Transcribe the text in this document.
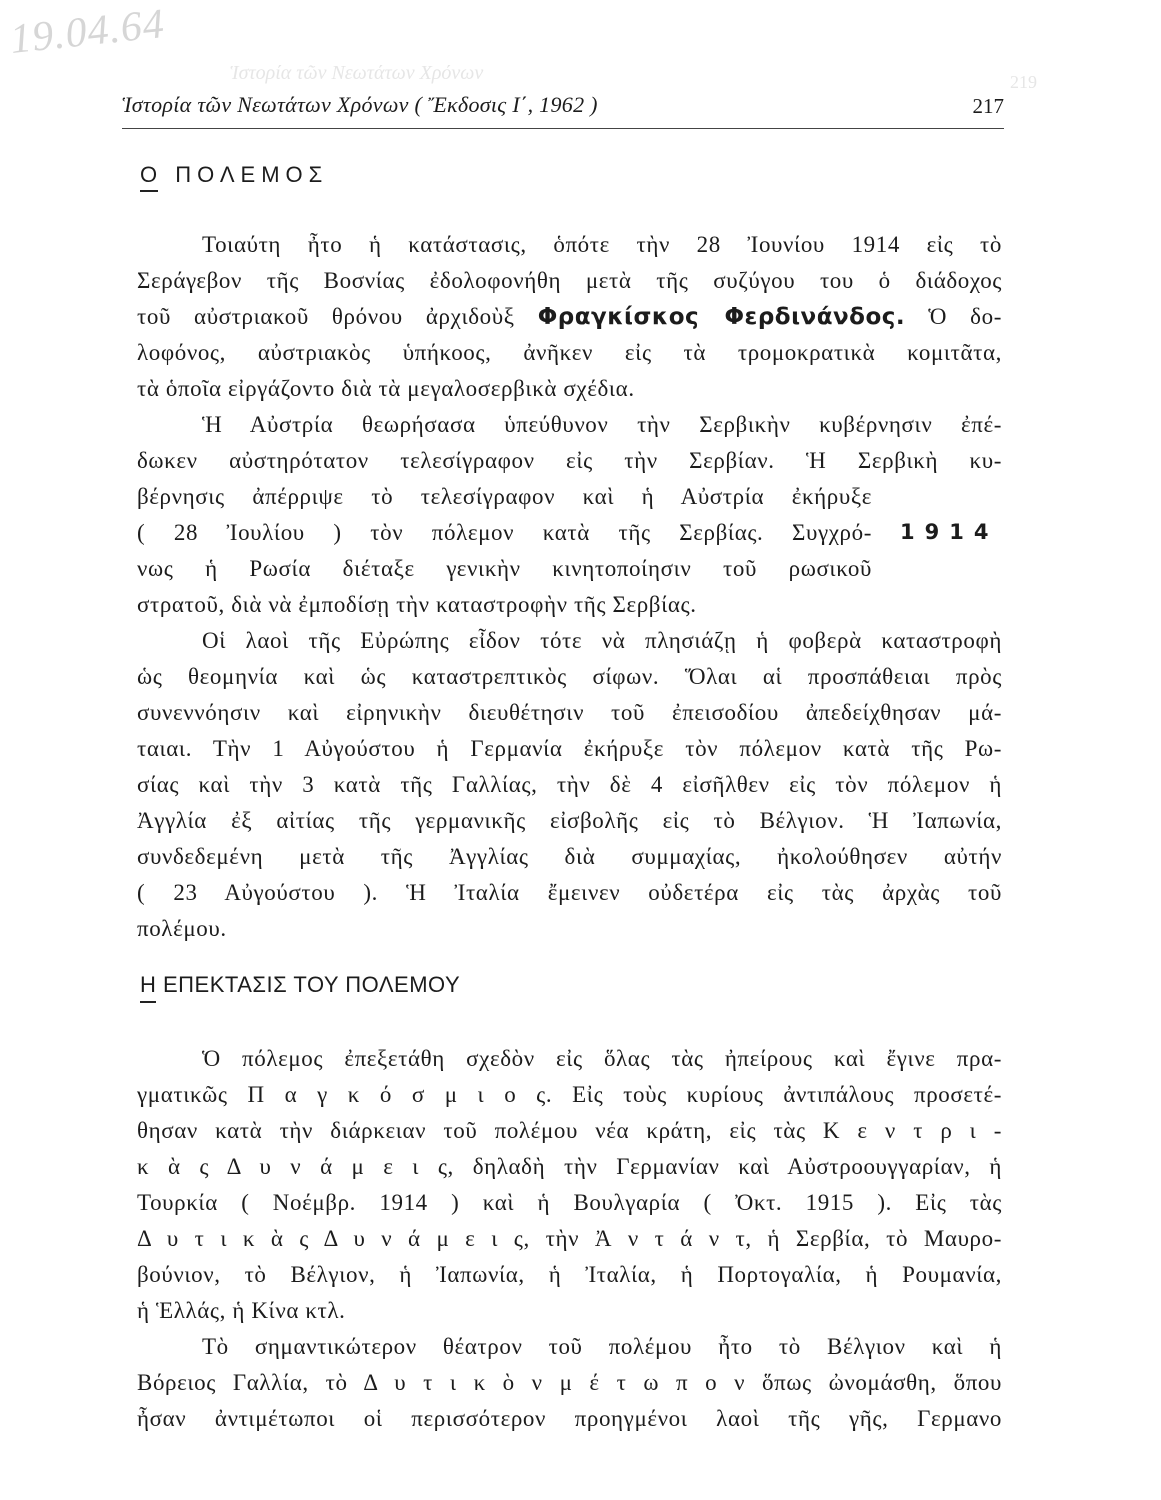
19.04.64
Ἱστορία τῶν Νεωτάτων Χρόνων	219
Ἱστορία τῶν Νεωτάτων Χρόνων ( Ἔκδοσις Ι΄, 1962 )	217
Ο ΠΟΛΕΜΟΣ
Τοιαύτη ἦτο ἡ κατάστασις, ὁπότε τὴν 28 Ἰουνίου 1914 εἰς τὸ
Σεράγεβον τῆς Βοσνίας ἐδολοφονήθη μετὰ τῆς συζύγου του ὁ διάδοχος
τοῦ αὐστριακοῦ θρόνου ἀρχιδοὺξ Φραγκίσκος Φερδινάνδος. Ὁ δο-
λοφόνος, αὐστριακὸς ὑπήκοος, ἀνῆκεν εἰς τὰ τρομοκρατικὰ κομιτᾶτα,
τὰ ὁποῖα εἰργάζοντο διὰ τὰ μεγαλοσερβικὰ σχέδια.
Ἡ Αὐστρία θεωρήσασα ὑπεύθυνον τὴν Σερβικὴν κυβέρνησιν ἐπέ-
δωκεν αὐστηρότατον τελεσίγραφον εἰς τὴν Σερβίαν. Ἡ Σερβικὴ κυ-
βέρνησις ἀπέρριψε τὸ τελεσίγραφον καὶ ἡ Αὐστρία ἐκήρυξε
( 28 Ἰουλίου ) τὸν πόλεμον κατὰ τῆς Σερβίας. Συγχρό-
νως ἡ Ρωσία διέταξε γενικὴν κινητοποίησιν τοῦ ρωσικοῦ
στρατοῦ, διὰ νὰ ἐμποδίσῃ τὴν καταστροφὴν τῆς Σερβίας.
1914
Οἱ λαοὶ τῆς Εὐρώπης εἶδον τότε νὰ πλησιάζῃ ἡ φοβερὰ καταστροφὴ
ὡς θεομηνία καὶ ὡς καταστρεπτικὸς σίφων. Ὅλαι αἱ προσπάθειαι πρὸς
συνεννόησιν καὶ εἰρηνικὴν διευθέτησιν τοῦ ἐπεισοδίου ἀπεδείχθησαν μά-
ταιαι. Τὴν 1 Αὐγούστου ἡ Γερμανία ἐκήρυξε τὸν πόλεμον κατὰ τῆς Ρω-
σίας καὶ τὴν 3 κατὰ τῆς Γαλλίας, τὴν δὲ 4 εἰσῆλθεν εἰς τὸν πόλεμον ἡ
Ἀγγλία ἐξ αἰτίας τῆς γερμανικῆς εἰσβολῆς εἰς τὸ Βέλγιον. Ἡ Ἰαπωνία,
συνδεδεμένη μετὰ τῆς Ἀγγλίας διὰ συμμαχίας, ἠκολούθησεν αὐτήν
( 23 Αὐγούστου ). Ἡ Ἰταλία ἔμεινεν οὐδετέρα εἰς τὰς ἀρχὰς τοῦ
πολέμου.
Η ΕΠΕΚΤΑΣΙΣ ΤΟΥ ΠΟΛΕΜΟΥ
Ὁ πόλεμος ἐπεξετάθη σχεδὸν εἰς ὅλας τὰς ἠπείρους καὶ ἔγινε πρα-
γματικῶς Π α γ κ ό σ μ ι ο ς. Εἰς τοὺς κυρίους ἀντιπάλους προσετέ-
θησαν κατὰ τὴν διάρκειαν τοῦ πολέμου νέα κράτη, εἰς τὰς Κ ε ν τ ρ ι -
κ ὰ ς Δ υ ν ά μ ε ι ς, δηλαδὴ τὴν Γερμανίαν καὶ Αὐστροουγγαρίαν, ἡ
Τουρκία ( Νοέμβρ. 1914 ) καὶ ἡ Βουλγαρία ( Ὀκτ. 1915 ). Εἰς τὰς
Δ υ τ ι κ ὰ ς Δ υ ν ά μ ε ι ς, τὴν Ἀ ν τ ά ν τ, ἡ Σερβία, τὸ Μαυρο-
βούνιον, τὸ Βέλγιον, ἡ Ἰαπωνία, ἡ Ἰταλία, ἡ Πορτογαλία, ἡ Ρουμανία,
ἡ Ἑλλάς, ἡ Κίνα κτλ.
Τὸ σημαντικώτερον θέατρον τοῦ πολέμου ἦτο τὸ Βέλγιον καὶ ἡ
Βόρειος Γαλλία, τὸ Δ υ τ ι κ ὸ ν μ έ τ ω π ο ν ὅπως ὠνομάσθη, ὅπου
ἦσαν ἀντιμέτωποι οἱ περισσότερον προηγμένοι λαοὶ τῆς γῆς, Γερμανο
